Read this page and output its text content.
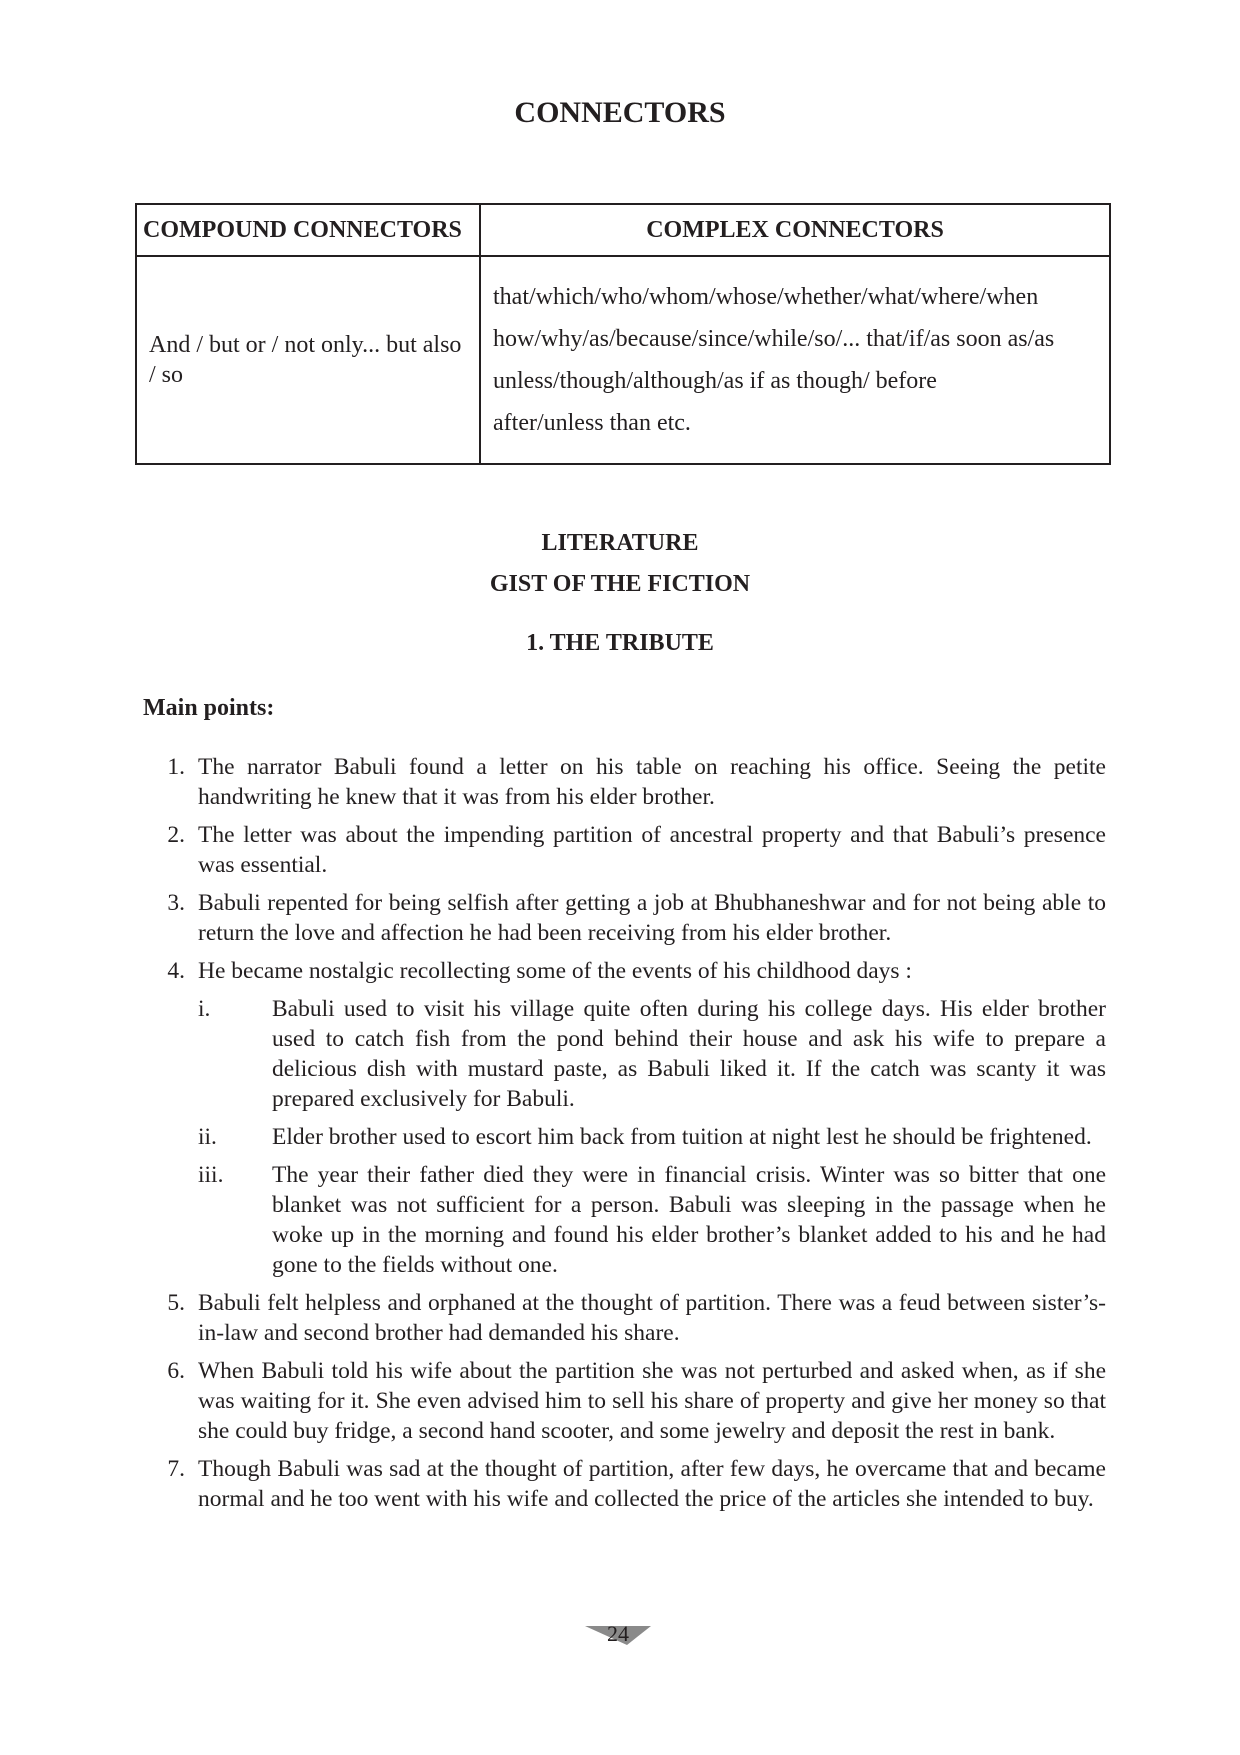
CONNECTORS
COMPOUND CONNECTORS	COMPLEX CONNECTORS
And / but or / not only... but also / so	that/which/who/whom/whose/whether/what/where/when
how/why/as/because/since/while/so/... that/if/as soon as/as
unless/though/although/as if as though/ before
after/unless than etc.
LITERATURE
GIST OF THE FICTION
1. THE TRIBUTE

Main points:

1. The narrator Babuli found a letter on his table on reaching his office. Seeing the petite handwriting he knew that it was from his elder brother.
2. The letter was about the impending partition of ancestral property and that Babuli’s presence was essential.
3. Babuli repented for being selfish after getting a job at Bhubhaneshwar and for not being able to return the love and affection he had been receiving from his elder brother.
4. He became nostalgic recollecting some of the events of his childhood days :
i.	Babuli used to visit his village quite often during his college days. His elder brother used to catch fish from the pond behind their house and ask his wife to prepare a delicious dish with mustard paste, as Babuli liked it. If the catch was scanty it was prepared exclusively for Babuli.
ii. Elder brother used to escort him back from tuition at night lest he should be frightened.
iii. The year their father died they were in financial crisis. Winter was so bitter that one blanket was not sufficient for a person. Babuli was sleeping in the passage when he woke up in the morning and found his elder brother’s blanket added to his and he had gone to the fields without one.
5. Babuli felt helpless and orphaned at the thought of partition. There was a feud between sister’s-in-law and second brother had demanded his share.
6. When Babuli told his wife about the partition she was not perturbed and asked when, as if she was waiting for it. She even advised him to sell his share of property and give her money so that she could buy fridge, a second hand scooter, and some jewelry and deposit the rest in bank.
7. Though Babuli was sad at the thought of partition, after few days, he overcame that and became normal and he too went with his wife and collected the price of the articles she intended to buy.
24
